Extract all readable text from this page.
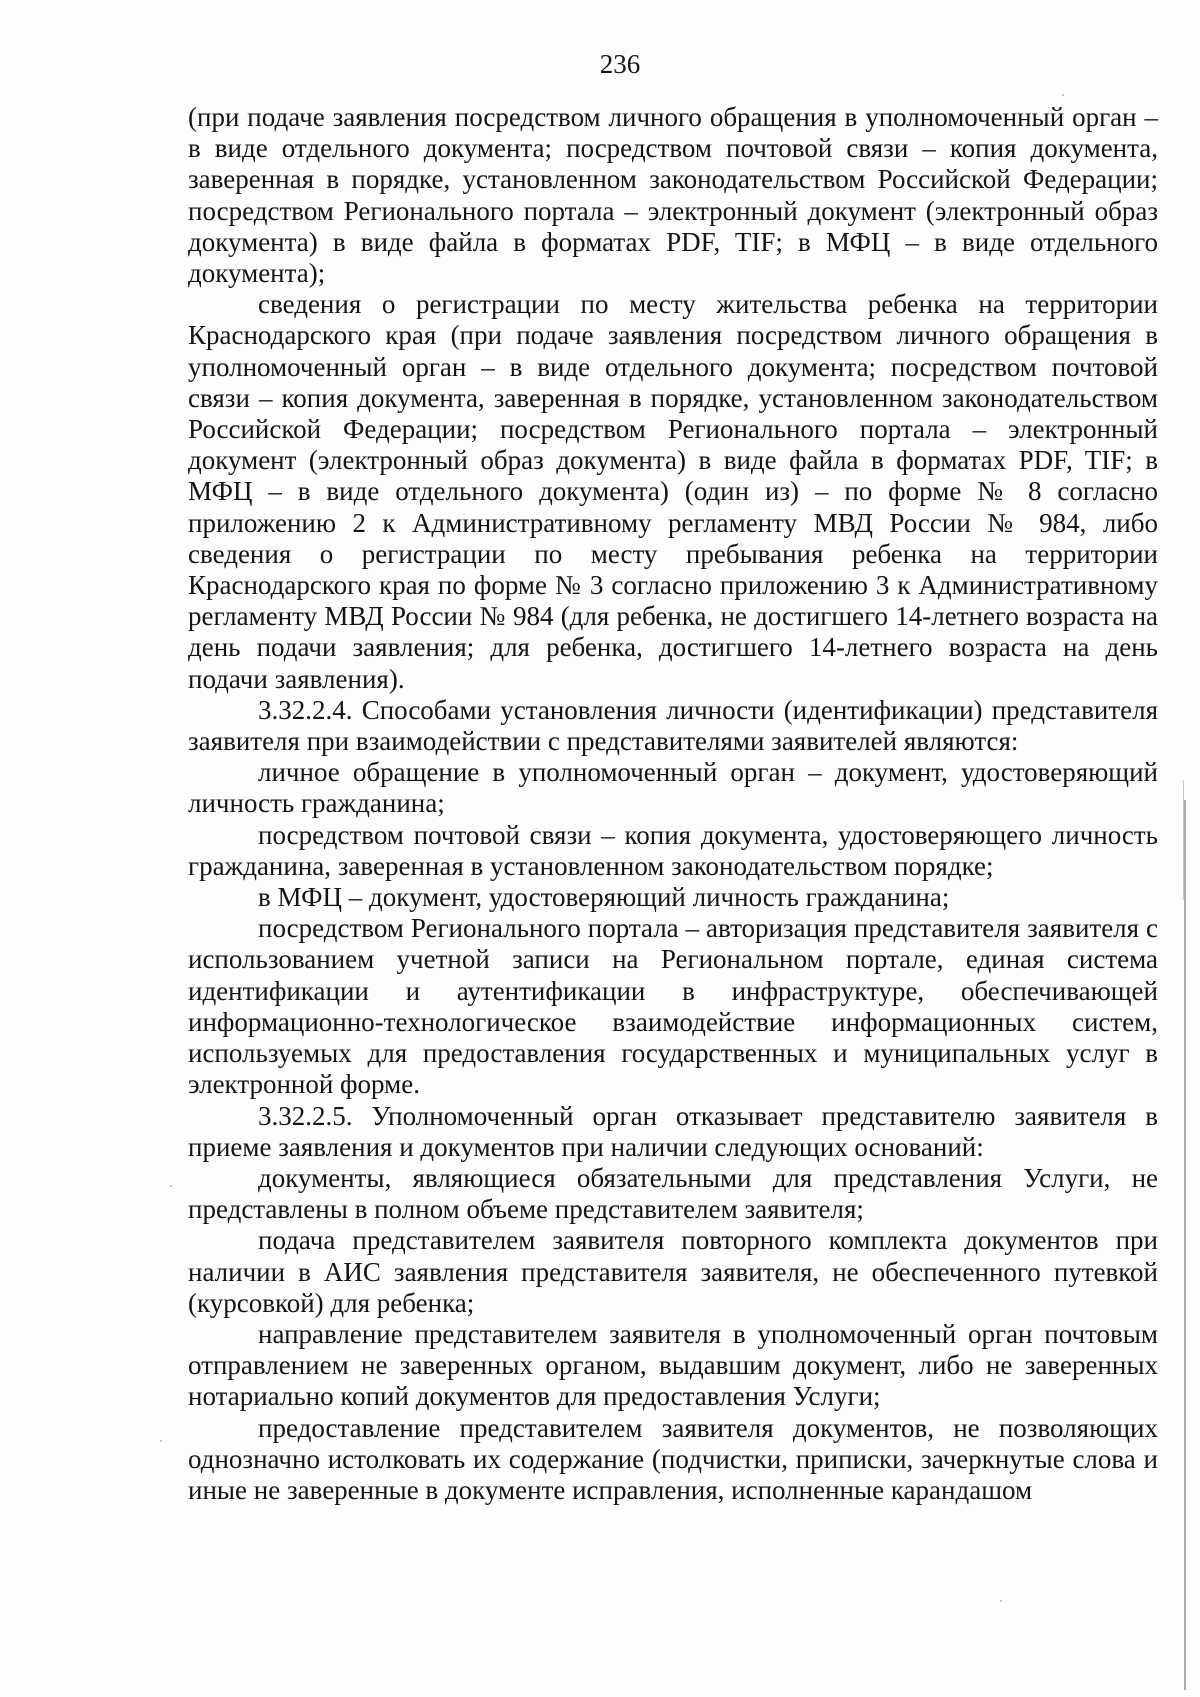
236

(при подаче заявления посредством личного обращения в уполномоченный орган – в виде отдельного документа; посредством почтовой связи – копия документа, заверенная в порядке, установленном законодательством Российской Федерации; посредством Регионального портала – электронный документ (электронный образ документа) в виде файла в форматах PDF, TIF; в МФЦ – в виде отдельного документа);

сведения о регистрации по месту жительства ребенка на территории Краснодарского края (при подаче заявления посредством личного обращения в уполномоченный орган – в виде отдельного документа; посредством почтовой связи – копия документа, заверенная в порядке, установленном законодательством Российской Федерации; посредством Регионального портала – электронный документ (электронный образ документа) в виде файла в форматах PDF, TIF; в МФЦ – в виде отдельного документа) (один из) – по форме № 8 согласно приложению 2 к Административному регламенту МВД России № 984, либо сведения о регистрации по месту пребывания ребенка на территории Краснодарского края по форме № 3 согласно приложению 3 к Административному регламенту МВД России № 984 (для ребенка, не достигшего 14-летнего возраста на день подачи заявления; для ребенка, достигшего 14-летнего возраста на день подачи заявления).

3.32.2.4. Способами установления личности (идентификации) представителя заявителя при взаимодействии с представителями заявителей являются:

личное обращение в уполномоченный орган – документ, удостоверяющий личность гражданина;

посредством почтовой связи – копия документа, удостоверяющего личность гражданина, заверенная в установленном законодательством порядке;

в МФЦ – документ, удостоверяющий личность гражданина;

посредством Регионального портала – авторизация представителя заявителя с использованием учетной записи на Региональном портале, единая система идентификации и аутентификации в инфраструктуре, обеспечивающей информационно-технологическое взаимодействие информационных систем, используемых для предоставления государственных и муниципальных услуг в электронной форме.

3.32.2.5. Уполномоченный орган отказывает представителю заявителя в приеме заявления и документов при наличии следующих оснований:

документы, являющиеся обязательными для представления Услуги, не представлены в полном объеме представителем заявителя;

подача представителем заявителя повторного комплекта документов при наличии в АИС заявления представителя заявителя, не обеспеченного путевкой (курсовкой) для ребенка;

направление представителем заявителя в уполномоченный орган почтовым отправлением не заверенных органом, выдавшим документ, либо не заверенных нотариально копий документов для предоставления Услуги;

предоставление представителем заявителя документов, не позволяющих однозначно истолковать их содержание (подчистки, приписки, зачеркнутые слова и иные не заверенные в документе исправления, исполненные карандашом
